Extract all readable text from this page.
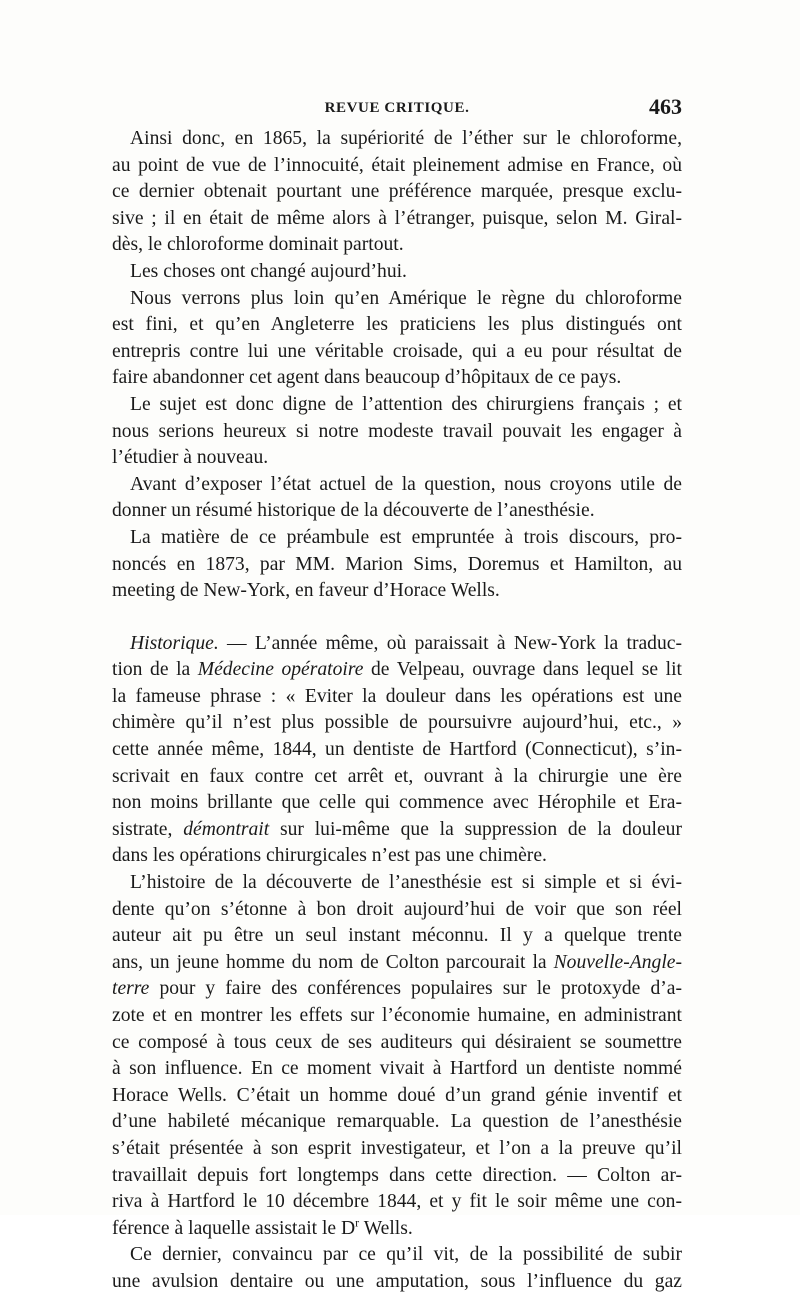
REVUE CRITIQUE.	463
Ainsi donc, en 1865, la supériorité de l’éther sur le chloroforme,
au point de vue de l’innocuité, était pleinement admise en France, où
ce dernier obtenait pourtant une préférence marquée, presque exclu-
sive ; il en était de même alors à l’étranger, puisque, selon M. Giral-
dès, le chloroforme dominait partout.
Les choses ont changé aujourd’hui.
Nous verrons plus loin qu’en Amérique le règne du chloroforme
est fini, et qu’en Angleterre les praticiens les plus distingués ont
entrepris contre lui une véritable croisade, qui a eu pour résultat de
faire abandonner cet agent dans beaucoup d’hôpitaux de ce pays.
Le sujet est donc digne de l’attention des chirurgiens français ; et
nous serions heureux si notre modeste travail pouvait les engager à
l’étudier à nouveau.
Avant d’exposer l’état actuel de la question, nous croyons utile de
donner un résumé historique de la découverte de l’anesthésie.
La matière de ce préambule est empruntée à trois discours, pro-
noncés en 1873, par MM. Marion Sims, Doremus et Hamilton, au
meeting de New-York, en faveur d’Horace Wells.
Historique. — L’année même, où paraissait à New-York la traduc-
tion de la Médecine opératoire de Velpeau, ouvrage dans lequel se lit
la fameuse phrase : « Eviter la douleur dans les opérations est une
chimère qu’il n’est plus possible de poursuivre aujourd’hui, etc., »
cette année même, 1844, un dentiste de Hartford (Connecticut), s’in-
scrivait en faux contre cet arrêt et, ouvrant à la chirurgie une ère
non moins brillante que celle qui commence avec Hérophile et Era-
sistrate, démontrait sur lui-même que la suppression de la douleur
dans les opérations chirurgicales n’est pas une chimère.
L’histoire de la découverte de l’anesthésie est si simple et si évi-
dente qu’on s’étonne à bon droit aujourd’hui de voir que son réel
auteur ait pu être un seul instant méconnu. Il y a quelque trente
ans, un jeune homme du nom de Colton parcourait la Nouvelle-Angle-
terre pour y faire des conférences populaires sur le protoxyde d’a-
zote et en montrer les effets sur l’économie humaine, en administrant
ce composé à tous ceux de ses auditeurs qui désiraient se soumettre
à son influence. En ce moment vivait à Hartford un dentiste nommé
Horace Wells. C’était un homme doué d’un grand génie inventif et
d’une habileté mécanique remarquable. La question de l’anesthésie
s’était présentée à son esprit investigateur, et l’on a la preuve qu’il
travaillait depuis fort longtemps dans cette direction. — Colton ar-
riva à Hartford le 10 décembre 1844, et y fit le soir même une con-
férence à laquelle assistait le $D^r$ Wells.
Ce dernier, convaincu par ce qu’il vit, de la possibilité de subir
une avulsion dentaire ou une amputation, sous l’influence du gaz
